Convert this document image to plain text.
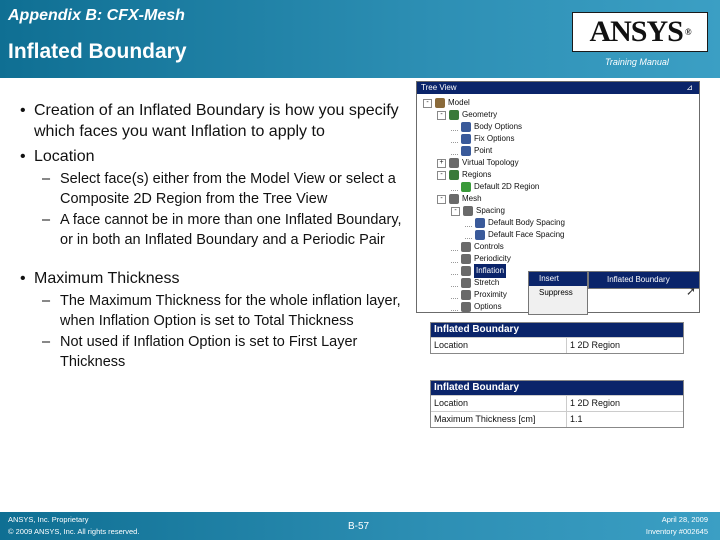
Appendix B: CFX-Mesh
Inflated Boundary
ANSYS ®
Training Manual
• Creation of an Inflated Boundary is how you specify which faces you want Inflation to apply to
• Location
– Select face(s) either from the Model View or select a Composite 2D Region from the Tree View
– A face cannot be in more than one Inflated Boundary, or in both an Inflated Boundary and a Periodic Pair
• Maximum Thickness
– The Maximum Thickness for the whole inflation layer, when Inflation Option is set to Total Thickness
– Not used if Inflation Option is set to First Layer Thickness
Tree View	⊿
-	Model
-	Geometry
Body Options
Fix Options
Point
+	Virtual Topology
-	Regions
Default 2D Region
-	Mesh
-	Spacing
Default Body Spacing
Default Face Spacing
Controls
Periodicity
Inflation
Stretch
Proximity
Options
Insert
Suppress
Inflated Boundary
➚
Inflated Boundary
Location	1 2D Region
Inflated Boundary
Location	1 2D Region
Maximum Thickness [cm]	1.1
ANSYS, Inc. Proprietary
© 2009 ANSYS, Inc. All rights reserved.	B-57
April 28, 2009
Inventory #002645
